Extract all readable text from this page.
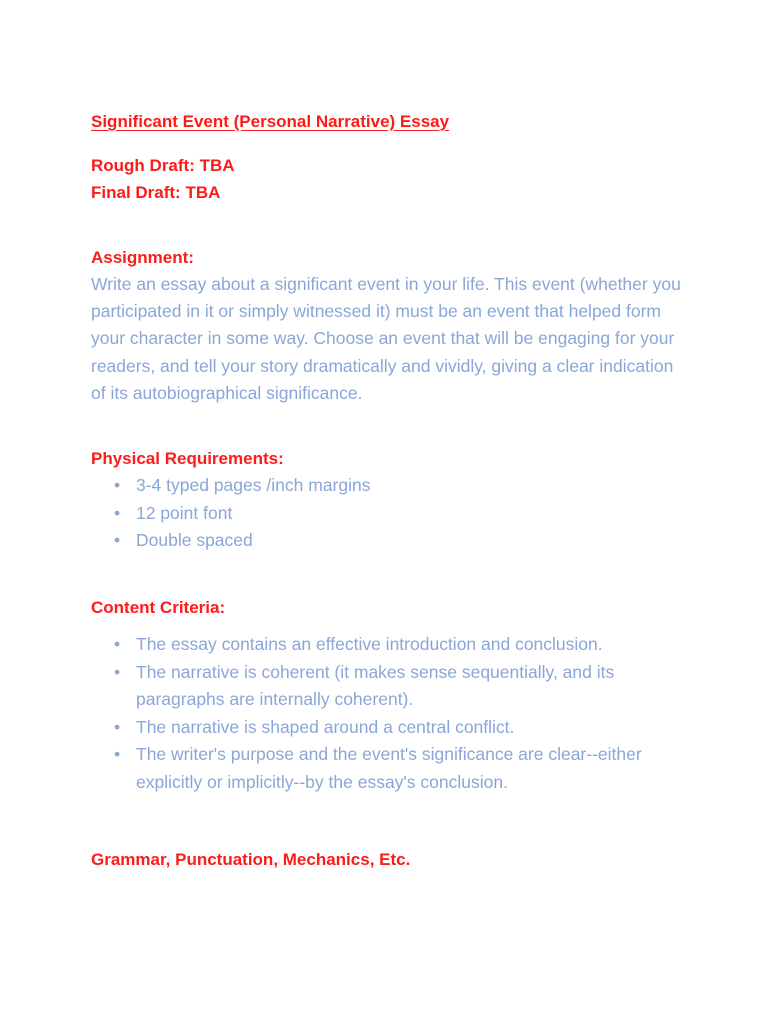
Significant Event (Personal Narrative) Essay

Rough Draft: TBA

Final Draft: TBA

Assignment:

Write an essay about a significant event in your life. This event (whether you participated in it or simply witnessed it) must be an event that helped form your character in some way. Choose an event that will be engaging for your readers, and tell your story dramatically and vividly, giving a clear indication of its autobiographical significance.

Physical Requirements:

• 3-4 typed pages /inch margins
• 12 point font
• Double spaced

Content Criteria:

• The essay contains an effective introduction and conclusion.
• The narrative is coherent (it makes sense sequentially, and its paragraphs are internally coherent).
• The narrative is shaped around a central conflict.
• The writer's purpose and the event's significance are clear--either explicitly or implicitly--by the essay's conclusion.

Grammar, Punctuation, Mechanics, Etc.
